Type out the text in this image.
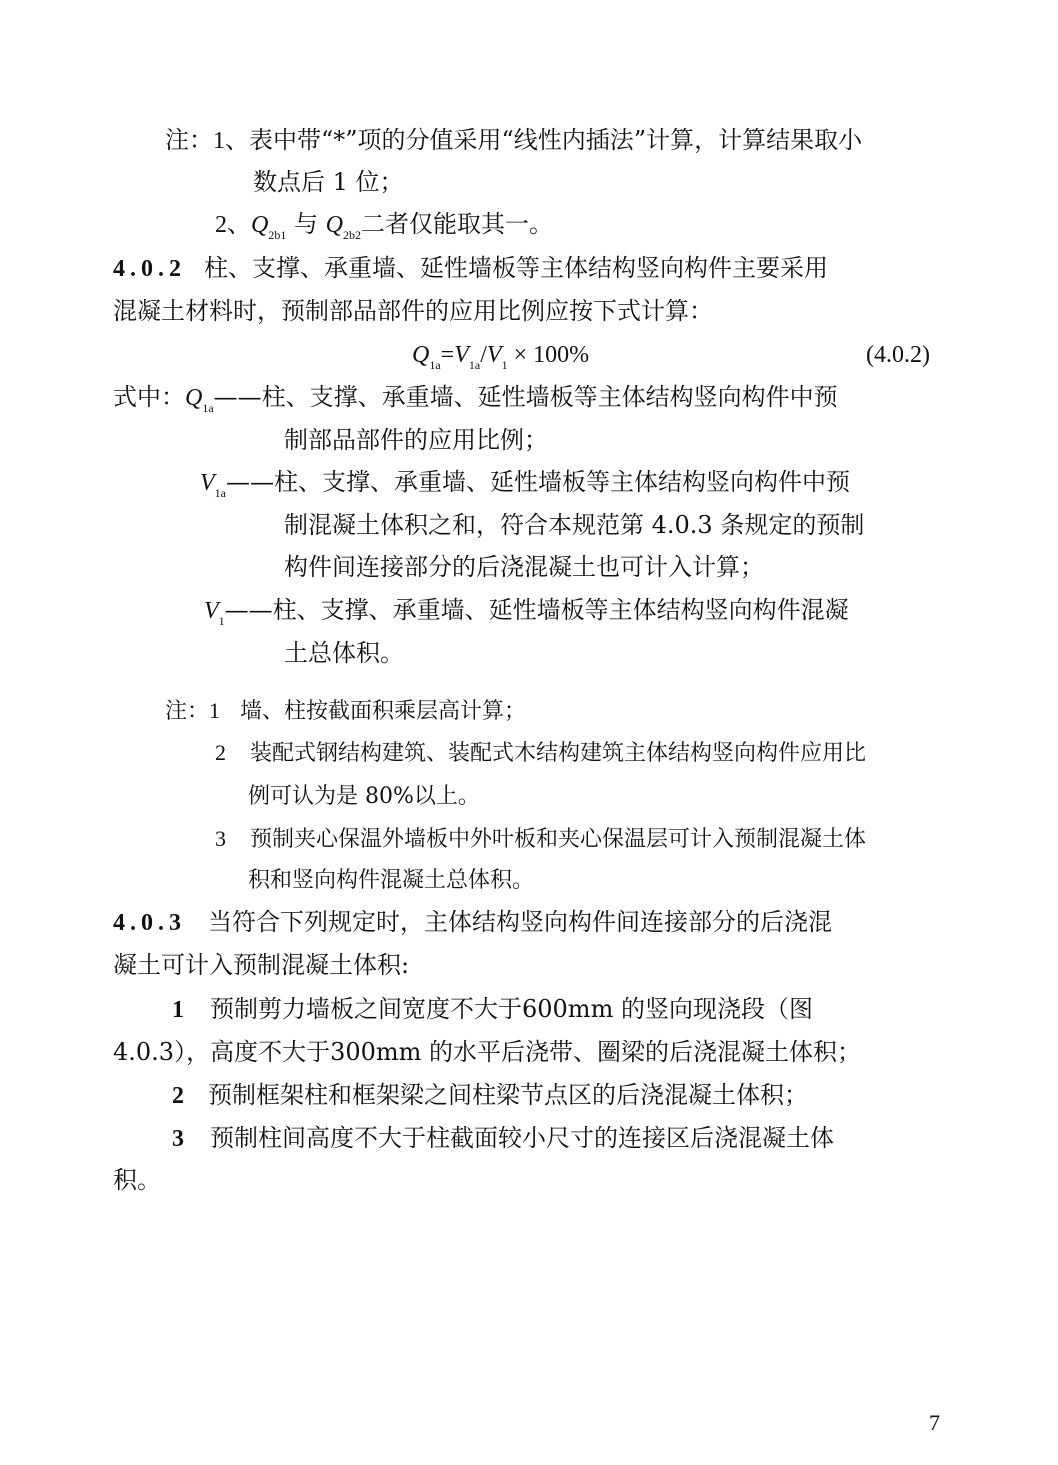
注：1、表中带“*”项的分值采用“线性内插法”计算，计算结果取小
数点后 1 位；
2、$Q_{2b1}$ 与 $Q_{2b2}$二者仅能取其一。
4.0.2 柱、支撑、承重墙、延性墙板等主体结构竖向构件主要采用
混凝土材料时，预制部品部件的应用比例应按下式计算：
$Q_{1a}=V_{1a}/V_1 \times 100\%$	(4.0.2)
式中：$Q_{1a}——$柱、支撑、承重墙、延性墙板等主体结构竖向构件中预
制部品部件的应用比例；
$V_{1a}——$柱、支撑、承重墙、延性墙板等主体结构竖向构件中预
制混凝土体积之和，符合本规范第 4.0.3 条规定的预制
构件间连接部分的后浇混凝土也可计入计算；
$V_1——$柱、支撑、承重墙、延性墙板等主体结构竖向构件混凝
土总体积。
注：1 墙、柱按截面积乘层高计算；
2 装配式钢结构建筑、装配式木结构建筑主体结构竖向构件应用比
例可认为是 80%以上。
3 预制夹心保温外墙板中外叶板和夹心保温层可计入预制混凝土体
积和竖向构件混凝土总体积。
4.0.3 当符合下列规定时，主体结构竖向构件间连接部分的后浇混
凝土可计入预制混凝土体积:
1 预制剪力墙板之间宽度不大于600mm 的竖向现浇段（图
4.0.3），高度不大于300mm 的水平后浇带、圈梁的后浇混凝土体积；
2 预制框架柱和框架梁之间柱梁节点区的后浇混凝土体积；
3 预制柱间高度不大于柱截面较小尺寸的连接区后浇混凝土体
积。
7
